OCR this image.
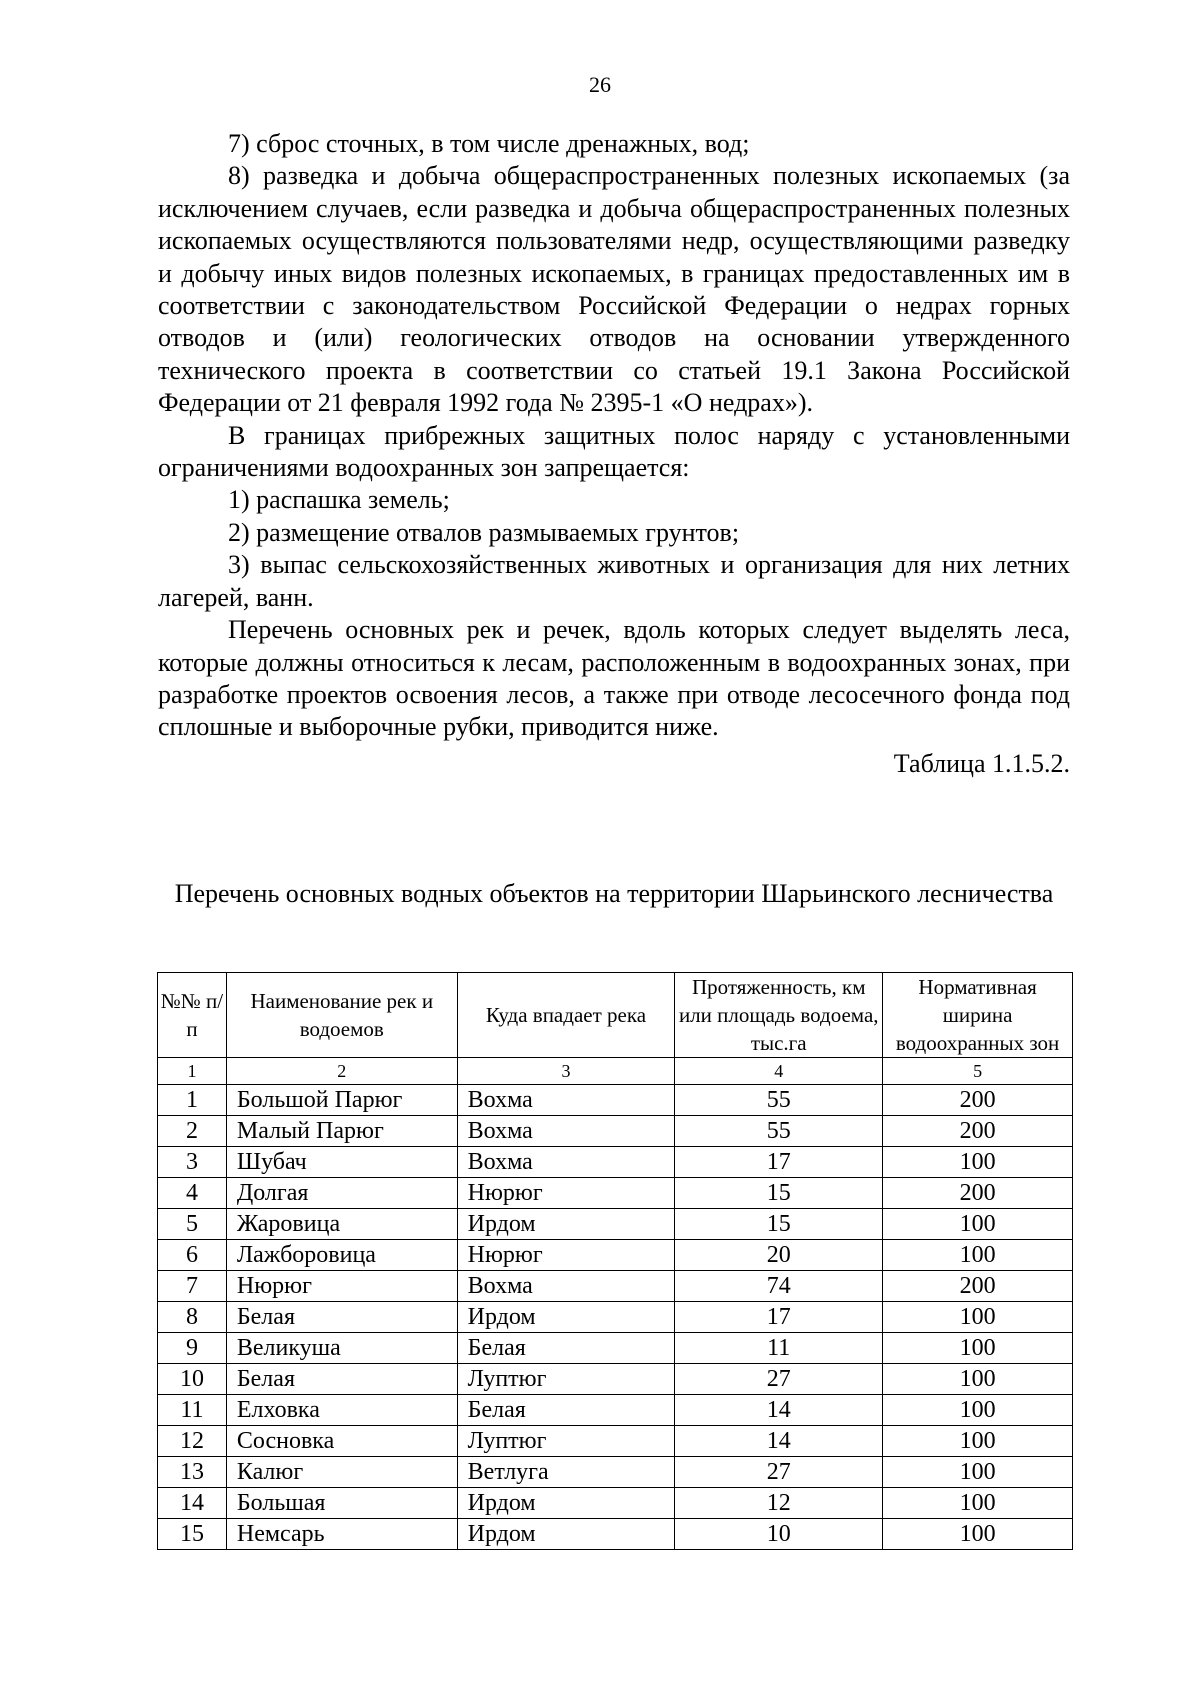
26

7) сброс сточных, в том числе дренажных, вод;

8) разведка и добыча общераспространенных полезных ископаемых (за исключением случаев, если разведка и добыча общераспространенных полезных ископаемых осуществляются пользователями недр, осуществляющими разведку и добычу иных видов полезных ископаемых, в границах предоставленных им в соответствии с законодательством Российской Федерации о недрах горных отводов и (или) геологических отводов на основании утвержденного технического проекта в соответствии со статьей 19.1 Закона Российской Федерации от 21 февраля 1992 года № 2395-1 «О недрах»).

В границах прибрежных защитных полос наряду с установленными ограничениями водоохранных зон запрещается:

1) распашка земель;

2) размещение отвалов размываемых грунтов;

3) выпас сельскохозяйственных животных и организация для них летних лагерей, ванн.

Перечень основных рек и речек, вдоль которых следует выделять леса, которые должны относиться к лесам, расположенным в водоохранных зонах, при разработке проектов освоения лесов, а также при отводе лесосечного фонда под сплошные и выборочные рубки, приводится ниже.

Таблица 1.1.5.2.

Перечень основных водных объектов на территории Шарьинского лесничества
№№ п/п	Наименование рек и водоемов	Куда впадает река	Протяженность, км или площадь водоема, тыс.га	Нормативная ширина водоохранных зон
1	2	3	4	5
1	Большой Парюг	Вохма	55	200
2	Малый Парюг	Вохма	55	200
3	Шубач	Вохма	17	100
4	Долгая	Нюрюг	15	200
5	Жаровица	Ирдом	15	100
6	Лажборовица	Нюрюг	20	100
7	Нюрюг	Вохма	74	200
8	Белая	Ирдом	17	100
9	Великуша	Белая	11	100
10	Белая	Луптюг	27	100
11	Елховка	Белая	14	100
12	Сосновка	Луптюг	14	100
13	Калюг	Ветлуга	27	100
14	Большая	Ирдом	12	100
15	Немсарь	Ирдом	10	100
